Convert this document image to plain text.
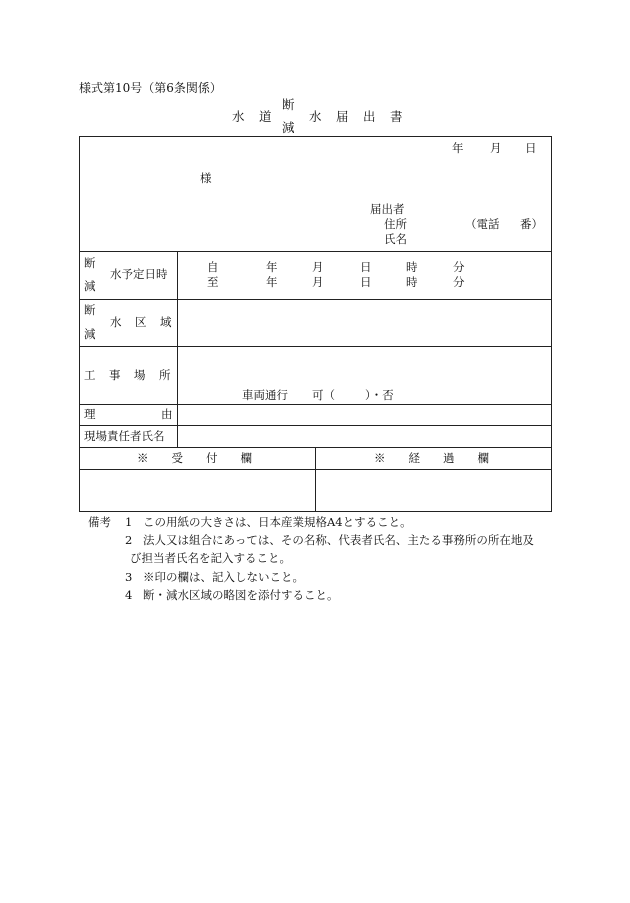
様式第10号（第6条関係）
水　道
断
減
水　届　出　書
年 月 日
様
届出者
住所
氏名
（電話 番）
断
減
水予定日時	自	年	月	日	時	分
至	年	月	日	時	分
断
減
水　区　域
工　事　場　所
車両通行 可（	）・否
理	由
現場責任者氏名
※　　受　　付　　欄	※　　経　　過　　欄
備考 1 この用紙の大きさは、日本産業規格A4とすること。
2 法人又は組合にあっては、その名称、代表者氏名、主たる事務所の所在地及
び担当者氏名を記入すること。
3 ※印の欄は、記入しないこと。
4 断・減水区域の略図を添付すること。
